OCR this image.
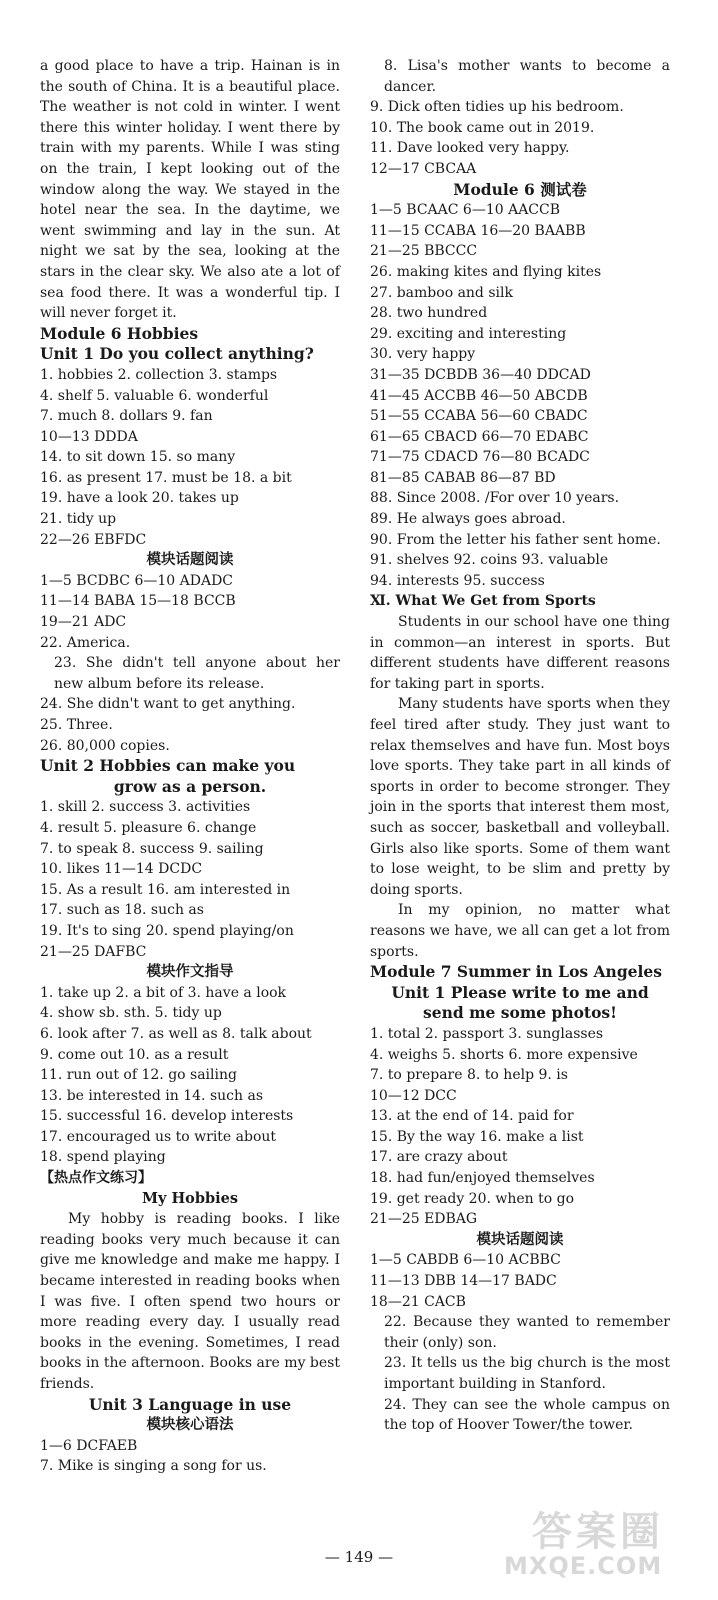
a good place to have a trip. Hainan is in the south of China. It is a beautiful place. The weather is not cold in winter. I went there this winter holiday. I went there by train with my parents. While I was sting on the train, I kept looking out of the window along the way. We stayed in the hotel near the sea. In the daytime, we went swimming and lay in the sun. At night we sat by the sea, looking at the stars in the clear sky. We also ate a lot of sea food there. It was a wonderful tip. I will never forget it.
Module 6 Hobbies
Unit 1 Do you collect anything?
1. hobbies 2. collection 3. stamps
4. shelf 5. valuable 6. wonderful
7. much 8. dollars 9. fan
10—13 DDDA
14. to sit down 15. so many
16. as present 17. must be 18. a bit
19. have a look 20. takes up
21. tidy up
22—26 EBFDC
模块话题阅读
1—5 BCDBC 6—10 ADADC
11—14 BABA 15—18 BCCB
19—21 ADC
22. America.
23. She didn't tell anyone about her new album before its release.
24. She didn't want to get anything.
25. Three.
26. 80,000 copies.
Unit 2 Hobbies can make you
grow as a person.
1. skill 2. success 3. activities
4. result 5. pleasure 6. change
7. to speak 8. success 9. sailing
10. likes 11—14 DCDC
15. As a result 16. am interested in
17. such as 18. such as
19. It's to sing 20. spend playing/on
21—25 DAFBC
模块作文指导
1. take up 2. a bit of 3. have a look
4. show sb. sth. 5. tidy up
6. look after 7. as well as 8. talk about
9. come out 10. as a result
11. run out of 12. go sailing
13. be interested in 14. such as
15. successful 16. develop interests
17. encouraged us to write about
18. spend playing
【热点作文练习】
My Hobbies
My hobby is reading books. I like reading books very much because it can give me knowledge and make me happy. I became interested in reading books when I was five. I often spend two hours or more reading every day. I usually read books in the evening. Sometimes, I read books in the afternoon. Books are my best friends.
Unit 3 Language in use
模块核心语法
1—6 DCFAEB
7. Mike is singing a song for us.
8. Lisa's mother wants to become a dancer.
9. Dick often tidies up his bedroom.
10. The book came out in 2019.
11. Dave looked very happy.
12—17 CBCAA
Module 6 测试卷
1—5 BCAAC 6—10 AACCB
11—15 CCABA 16—20 BAABB
21—25 BBCCC
26. making kites and flying kites
27. bamboo and silk
28. two hundred
29. exciting and interesting
30. very happy
31—35 DCBDB 36—40 DDCAD
41—45 ACCBB 46—50 ABCDB
51—55 CCABA 56—60 CBADC
61—65 CBACD 66—70 EDABC
71—75 CDACD 76—80 BCADC
81—85 CABAB 86—87 BD
88. Since 2008. /For over 10 years.
89. He always goes abroad.
90. From the letter his father sent home.
91. shelves 92. coins 93. valuable
94. interests 95. success
Ⅺ. What We Get from Sports
Students in our school have one thing in common—an interest in sports. But different students have different reasons for taking part in sports.
Many students have sports when they feel tired after study. They just want to relax themselves and have fun. Most boys love sports. They take part in all kinds of sports in order to become stronger. They join in the sports that interest them most, such as soccer, basketball and volleyball. Girls also like sports. Some of them want to lose weight, to be slim and pretty by doing sports.
In my opinion, no matter what reasons we have, we all can get a lot from sports.
Module 7 Summer in Los Angeles
Unit 1 Please write to me and
send me some photos!
1. total 2. passport 3. sunglasses
4. weighs 5. shorts 6. more expensive
7. to prepare 8. to help 9. is
10—12 DCC
13. at the end of 14. paid for
15. By the way 16. make a list
17. are crazy about
18. had fun/enjoyed themselves
19. get ready 20. when to go
21—25 EDBAG
模块话题阅读
1—5 CABDB 6—10 ACBBC
11—13 DBB 14—17 BADC
18—21 CACB
22. Because they wanted to remember their (only) son.
23. It tells us the big church is the most important building in Stanford.
24. They can see the whole campus on the top of Hoover Tower/the tower.
— 149 —
答案圈
MXQE.COM
